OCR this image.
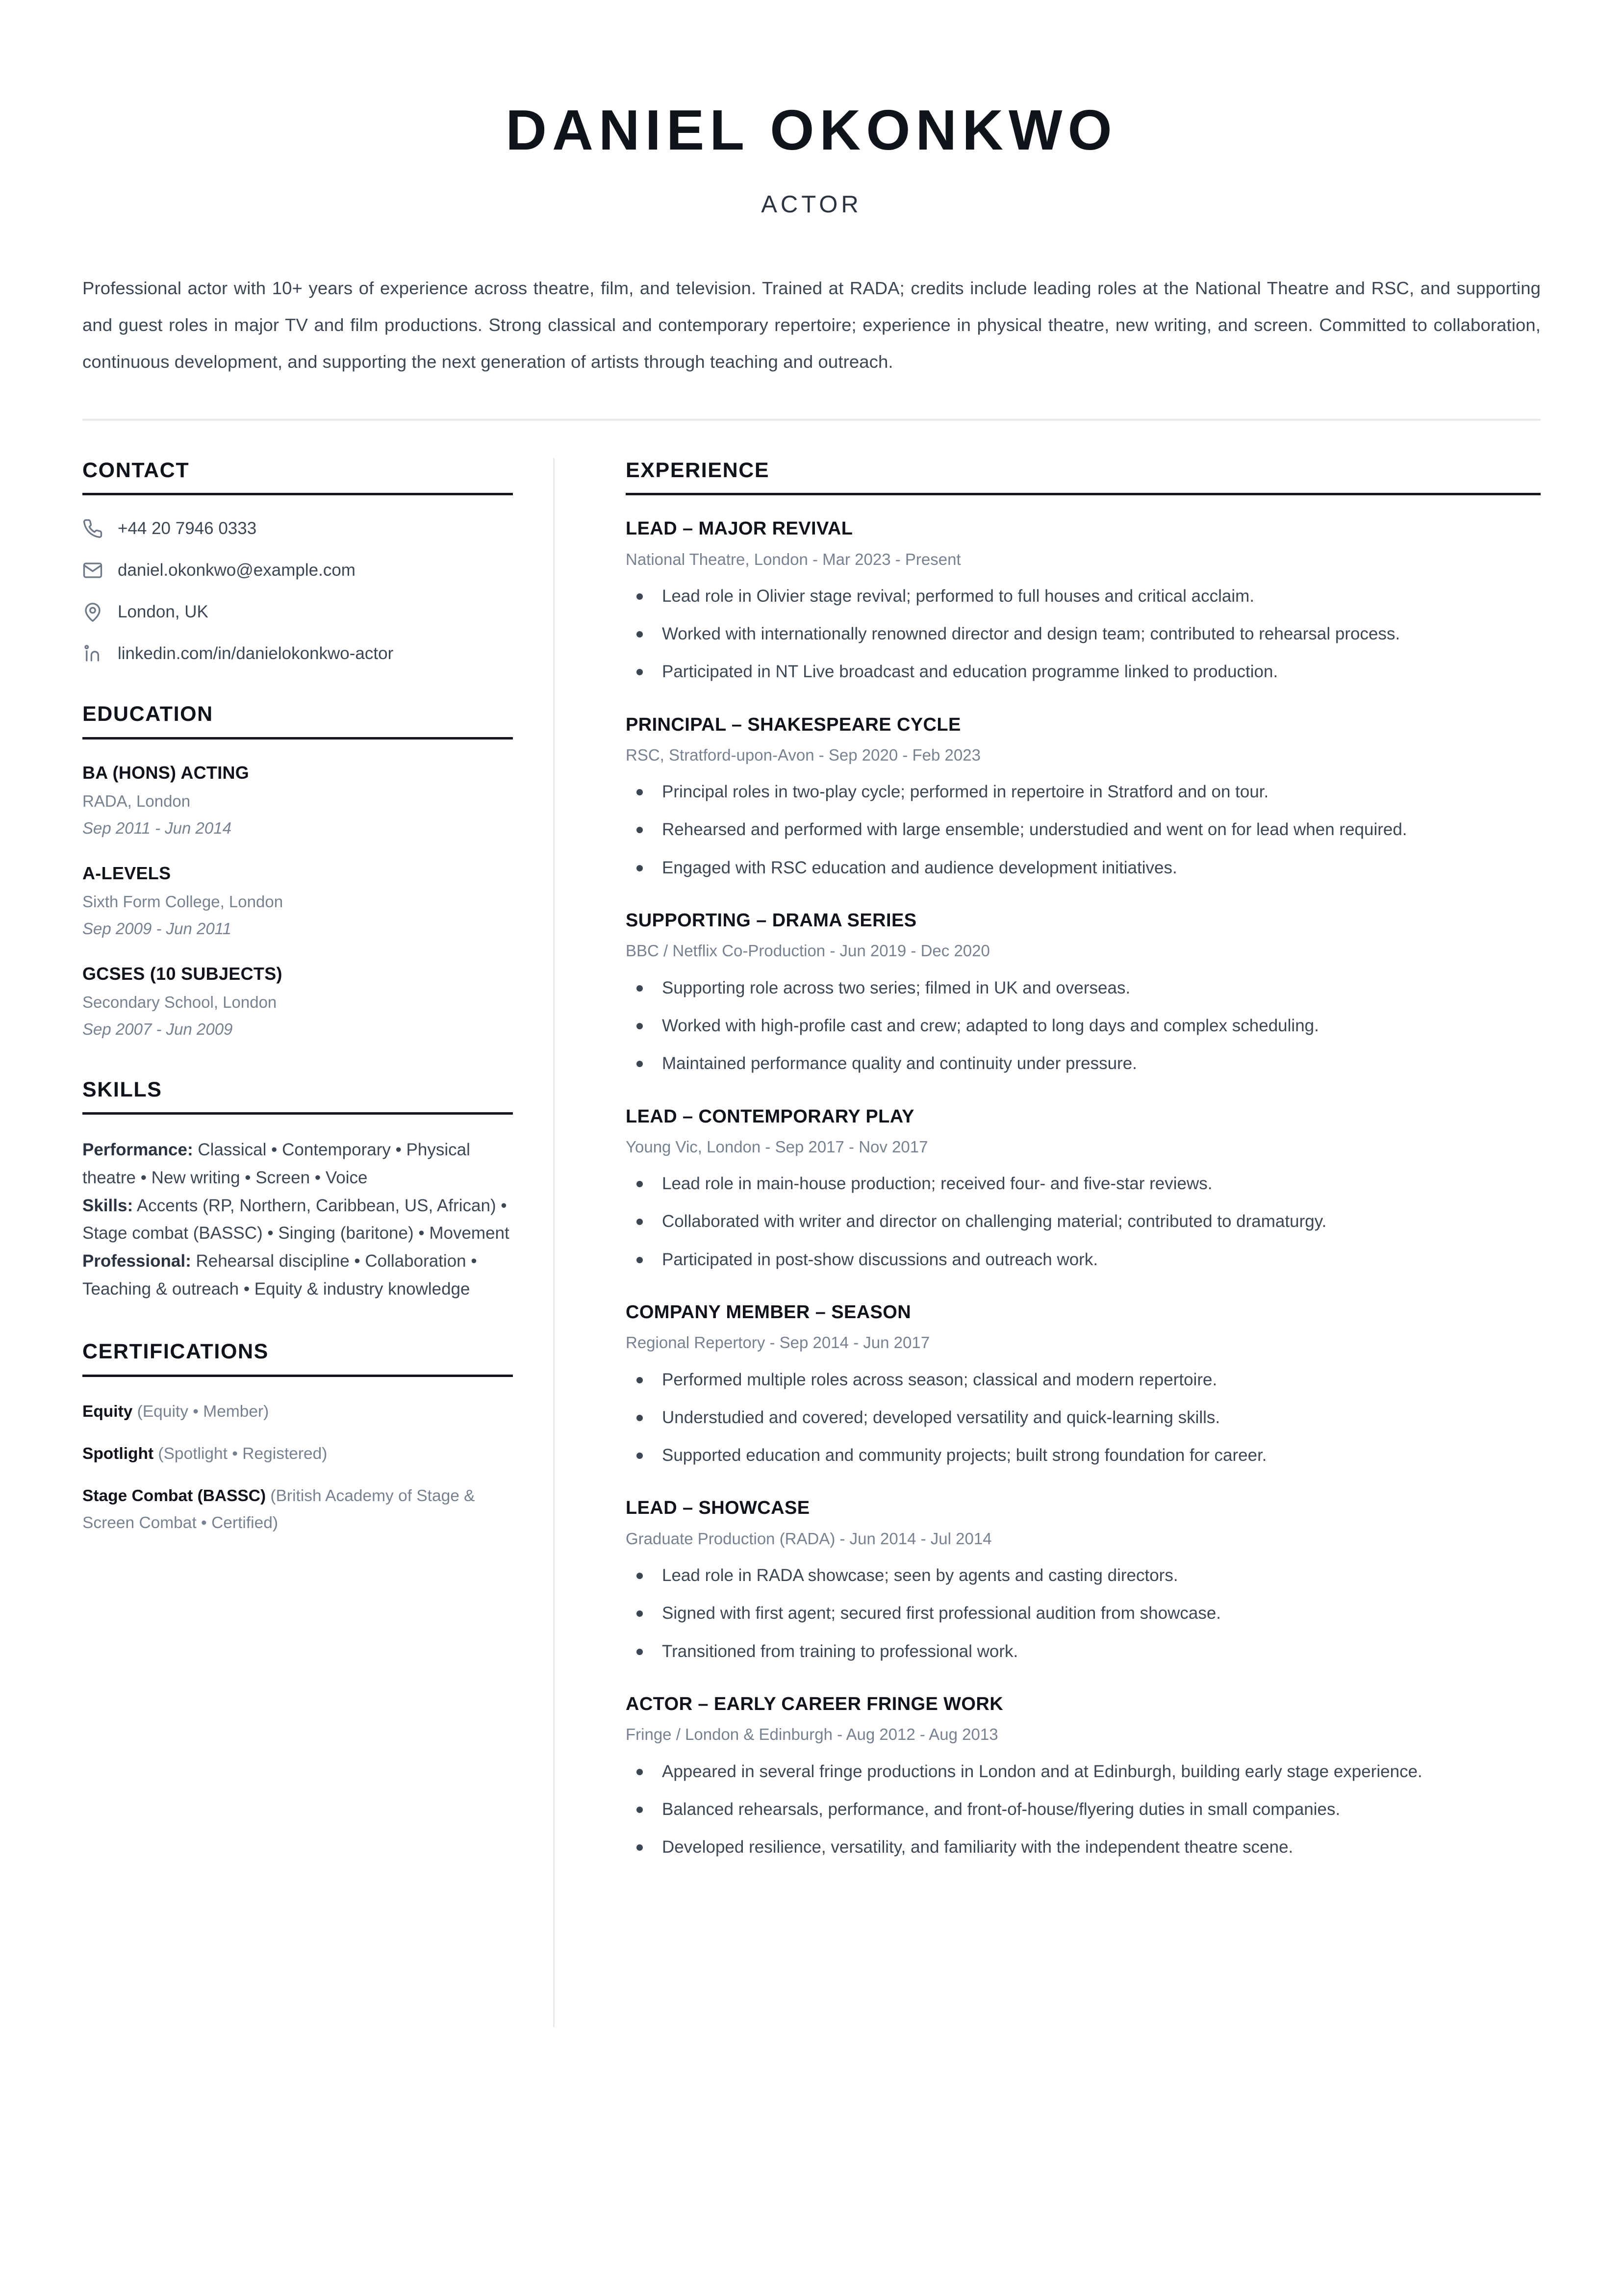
DANIEL OKONKWO
ACTOR

Professional actor with 10+ years of experience across theatre, film, and television. Trained at RADA; credits include leading roles at the National Theatre and RSC, and supporting and guest roles in major TV and film productions. Strong classical and contemporary repertoire; experience in physical theatre, new writing, and screen. Committed to collaboration, continuous development, and supporting the next generation of artists through teaching and outreach.

CONTACT
+44 20 7946 0333
daniel.okonkwo@example.com
London, UK
linkedin.com/in/danielokonkwo-actor
EDUCATION
BA (HONS) ACTING
RADA, London
Sep 2011 - Jun 2014
A-LEVELS
Sixth Form College, London
Sep 2009 - Jun 2011
GCSES (10 SUBJECTS)
Secondary School, London
Sep 2007 - Jun 2009
SKILLS
Performance: Classical • Contemporary • Physical theatre • New writing • Screen • Voice
Skills: Accents (RP, Northern, Caribbean, US, African) • Stage combat (BASSC) • Singing (baritone) • Movement
Professional: Rehearsal discipline • Collaboration • Teaching & outreach • Equity & industry knowledge
CERTIFICATIONS
Equity (Equity • Member)
Spotlight (Spotlight • Registered)
Stage Combat (BASSC) (British Academy of Stage & Screen Combat • Certified)
EXPERIENCE
LEAD – MAJOR REVIVAL
National Theatre, London - Mar 2023 - Present
Lead role in Olivier stage revival; performed to full houses and critical acclaim.
Worked with internationally renowned director and design team; contributed to rehearsal process.
Participated in NT Live broadcast and education programme linked to production.
PRINCIPAL – SHAKESPEARE CYCLE
RSC, Stratford-upon-Avon - Sep 2020 - Feb 2023
Principal roles in two-play cycle; performed in repertoire in Stratford and on tour.
Rehearsed and performed with large ensemble; understudied and went on for lead when required.
Engaged with RSC education and audience development initiatives.
SUPPORTING – DRAMA SERIES
BBC / Netflix Co-Production - Jun 2019 - Dec 2020
Supporting role across two series; filmed in UK and overseas.
Worked with high-profile cast and crew; adapted to long days and complex scheduling.
Maintained performance quality and continuity under pressure.
LEAD – CONTEMPORARY PLAY
Young Vic, London - Sep 2017 - Nov 2017
Lead role in main-house production; received four- and five-star reviews.
Collaborated with writer and director on challenging material; contributed to dramaturgy.
Participated in post-show discussions and outreach work.
COMPANY MEMBER – SEASON
Regional Repertory - Sep 2014 - Jun 2017
Performed multiple roles across season; classical and modern repertoire.
Understudied and covered; developed versatility and quick-learning skills.
Supported education and community projects; built strong foundation for career.
LEAD – SHOWCASE
Graduate Production (RADA) - Jun 2014 - Jul 2014
Lead role in RADA showcase; seen by agents and casting directors.
Signed with first agent; secured first professional audition from showcase.
Transitioned from training to professional work.
ACTOR – EARLY CAREER FRINGE WORK
Fringe / London & Edinburgh - Aug 2012 - Aug 2013
Appeared in several fringe productions in London and at Edinburgh, building early stage experience.
Balanced rehearsals, performance, and front-of-house/flyering duties in small companies.
Developed resilience, versatility, and familiarity with the independent theatre scene.
